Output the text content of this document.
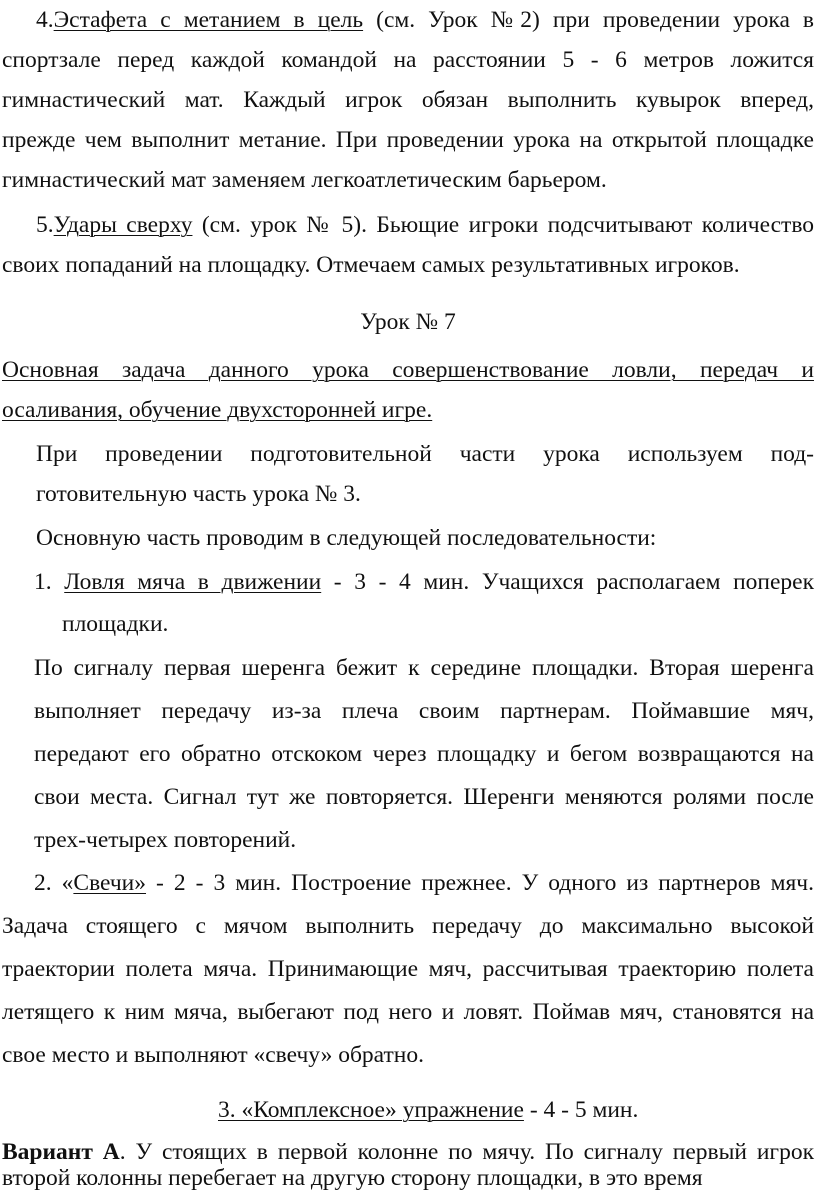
4.Эстафета с метанием в цель (см. Урок №2) при проведении урока в
спортзале перед каждой командой на расстоянии 5 - 6 метров ложится
гимнастический мат. Каждый игрок обязан выполнить кувырок вперед,
прежде чем выполнит метание. При проведении урока на открытой площадке
гимнастический мат заменяем легкоатлетическим барьером.
5.Удары сверху (см. урок № 5). Бьющие игроки подсчитывают количество
своих попаданий на площадку. Отмечаем самых результативных игроков.
Урок № 7
Основная задача данного урока совершенствование ловли, передач и
осаливания, обучение двухсторонней игре.
При проведении подготовительной части урока используем под-
готовительную часть урока № 3.
Основную часть проводим в следующей последовательности:
1. Ловля мяча в движении - 3 - 4 мин. Учащихся располагаем поперек
площадки.
По сигналу первая шеренга бежит к середине площадки. Вторая шеренга
выполняет передачу из-за плеча своим партнерам. Поймавшие мяч,
передают его обратно отскоком через площадку и бегом возвращаются на
свои места. Сигнал тут же повторяется. Шеренги меняются ролями после
трех-четырех повторений.
2. «Свечи» - 2 - 3 мин. Построение прежнее. У одного из партнеров мяч.
Задача стоящего с мячом выполнить передачу до максимально высокой
траектории полета мяча. Принимающие мяч, рассчитывая траекторию полета
летящего к ним мяча, выбегают под него и ловят. Поймав мяч, становятся на
свое место и выполняют «свечу» обратно.
3. «Комплексное» упражнение - 4 - 5 мин.
Вариант А. У стоящих в первой колонне по мячу. По сигналу первый игрок
второй колонны перебегает на другую сторону площадки, в это время
